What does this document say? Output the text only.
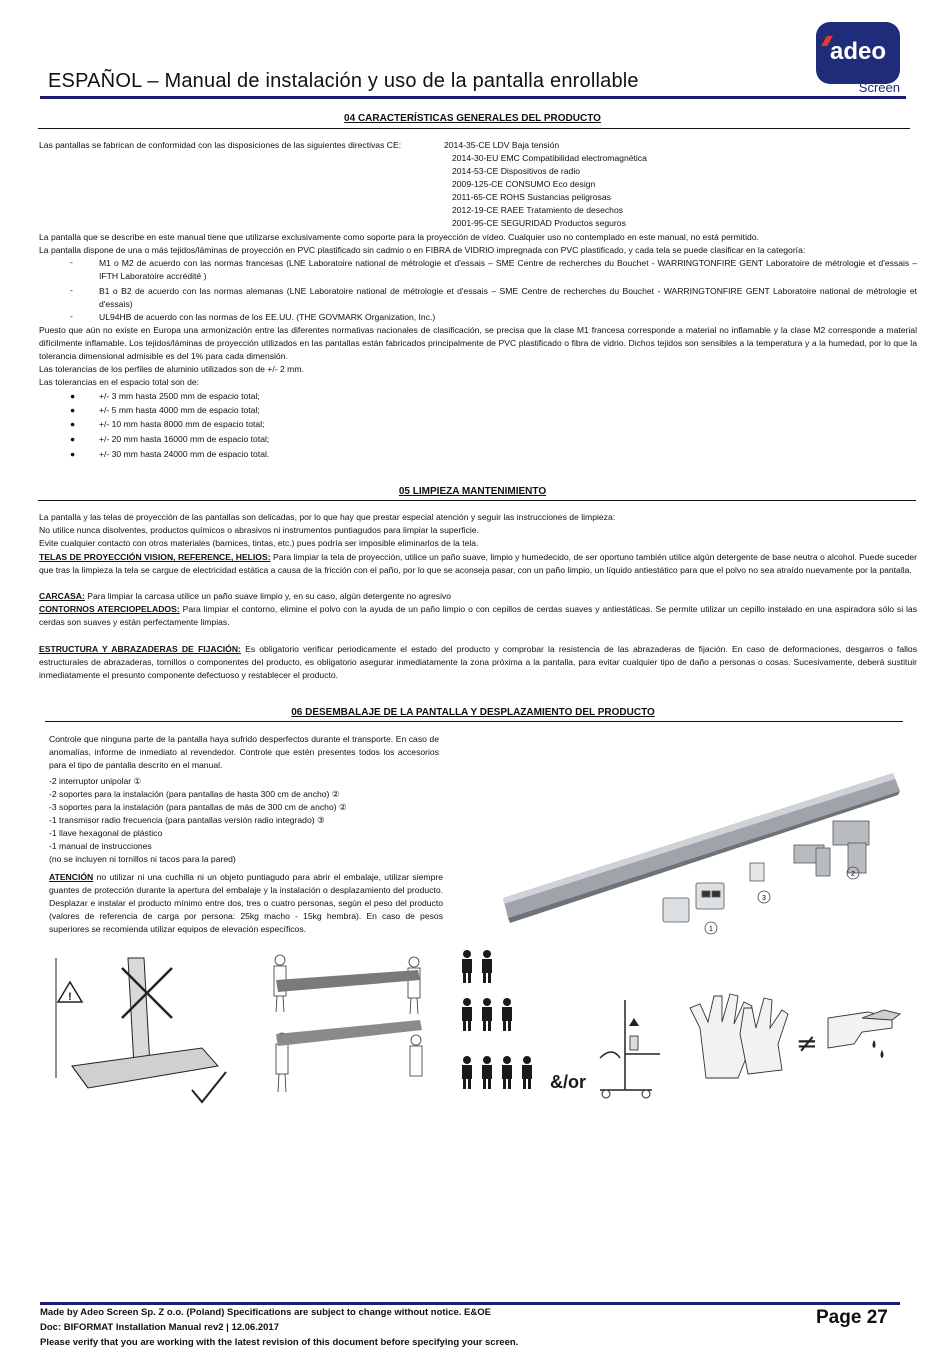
ESPAÑOL – Manual de instalación y uso de la pantalla enrollable
adeo
Screen
04 CARACTERÍSTICAS GENERALES DEL PRODUCTO
Las pantallas se fabrican de conformidad con las disposiciones de las siguientes directivas CE:	2014-35-CE LDV Baja tensión
2014-30-EU EMC Compatibilidad electromagnética
2014-53-CE Dispositivos de radio
2009-125-CE CONSUMO Eco design
2011-65-CE ROHS Sustancias peligrosas
2012-19-CE RAEE Tratamiento de desechos
2001-95-CE SEGURIDAD Productos seguros
La pantalla que se describe en este manual tiene que utilizarse exclusivamente como soporte para la proyección de vídeo. Cualquier uso no contemplado en este manual, no está permitido.
La pantalla dispone de una o más tejidos/láminas de proyección en PVC plastificado sin cadmio o en FIBRA de VIDRIO impregnada con PVC plastificado, y cada tela se puede clasificar en la categoría:
-	M1 o M2 de acuerdo con las normas francesas (LNE Laboratoire national de métrologie et d'essais – SME Centre de recherches du Bouchet - WARRINGTONFIRE GENT Laboratoire de métrologie et d'essais – IFTH Laboratoire accrédité )
-	B1 o B2 de acuerdo con las normas alemanas (LNE Laboratoire national de métrologie et d'essais – SME Centre de recherches du Bouchet - WARRINGTONFIRE GENT Laboratoire national de métrologie et d'essais)
-	UL94HB de acuerdo con las normas de los EE.UU. (THE GOVMARK Organization, Inc.)
Puesto que aún no existe en Europa una armonización entre las diferentes normativas nacionales de clasificación, se precisa que la clase M1 francesa corresponde a material no inflamable y la clase M2 corresponde a material difícilmente inflamable. Los tejidos/láminas de proyección utilizados en las pantallas están fabricados principalmente de PVC plastificado o fibra de vidrio. Dichos tejidos son sensibles a la temperatura y a la humedad, por lo que la tolerancia dimensional admisible es del 1% para cada dimensión.
Las tolerancias de los perfiles de aluminio utilizados son de +/- 2 mm.
Las tolerancias en el espacio total son de:
●	+/- 3 mm hasta 2500 mm de espacio total;
●	+/- 5 mm hasta 4000 mm de espacio total;
●	+/- 10 mm hasta 8000 mm de espacio total;
●	+/- 20 mm hasta 16000 mm de espacio total;
●	+/- 30 mm hasta 24000 mm de espacio total.
05 LIMPIEZA MANTENIMIENTO
La pantalla y las telas de proyección de las pantallas son delicadas, por lo que hay que prestar especial atención y seguir las instrucciones de limpieza:
No utilice nunca disolventes, productos químicos o abrasivos ni instrumentos puntiagudos para limpiar la superficie.
Evite cualquier contacto con otros materiales (barnices, tintas, etc.) pues podría ser imposible eliminarlos de la tela.
TELAS DE PROYECCIÓN VISION, REFERENCE, HELIOS: Para limpiar la tela de proyección, utilice un paño suave, limpio y humedecido, de ser oportuno también utilice algún detergente de base neutra o alcohol. Puede suceder que tras la limpieza la tela se cargue de electricidad estática a causa de la fricción con el paño, por lo que se aconseja pasar, con un paño limpio, un líquido antiestático para que el polvo no sea atraído nuevamente por la pantalla.
CARCASA: Para limpiar la carcasa utilice un paño suave limpio y, en su caso, algún detergente no agresivo
CONTORNOS ATERCIOPELADOS: Para limpiar el contorno, elimine el polvo con la ayuda de un paño limpio o con cepillos de cerdas suaves y antiestáticas. Se permite utilizar un cepillo instalado en una aspiradora sólo si las cerdas son suaves y están perfectamente limpias.
ESTRUCTURA Y ABRAZADERAS DE FIJACIÓN: Es obligatorio verificar periodicamente el estado del producto y comprobar la resistencia de las abrazaderas de fijación. En caso de deformaciones, desgarros o fallos estructurales de abrazaderas, tornillos o componentes del producto, es obligatorio asegurar inmediatamente la zona próxima a la pantalla, para evitar cualquier tipo de daño a personas o cosas. Sucesivamente, deberá sustituir inmediatamente el presunto componente defectuoso y restablecer el producto.
06 DESEMBALAJE DE LA PANTALLA Y DESPLAZAMIENTO DEL PRODUCTO
Controle que ninguna parte de la pantalla haya sufrido desperfectos durante el transporte. En caso de anomalías, informe de inmediato al revendedor. Controle que estén presentes todos los accesorios para el tipo de pantalla descrito en el manual.
-2 interruptor unipolar ①
-2 soportes para la instalación (para pantallas de hasta 300 cm de ancho) ②
-3 soportes para la instalación (para pantallas de más de 300 cm de ancho) ②
-1 transmisor radio frecuencia (para pantallas versión radio integrado) ③
-1 llave hexagonal de plástico
-1 manual de instrucciones
(no se incluyen ni tornillos ni tacos para la pared)
ATENCIÓN no utilizar ni una cuchilla ni un objeto puntiagudo para abrir el embalaje, utilizar siempre guantes de protección durante la apertura del embalaje y la instalación o desplazamiento del producto. Desplazar e instalar el producto mínimo entre dos, tres o cuatro personas, según el peso del producto (valores de referencia de carga por persona: 25kg macho - 15kg hembra). En caso de pesos superiores se recomienda utilizar equipos de elevación específicos.	1
2
3
!
&/or
≠
Made by Adeo Screen Sp. Z o.o. (Poland) Specifications are subject to change without notice. E&OE
Doc: BIFORMAT Installation Manual rev2 | 12.06.2017
Please verify that you are working with the latest revision of this document before specifying your screen.
Page 27
